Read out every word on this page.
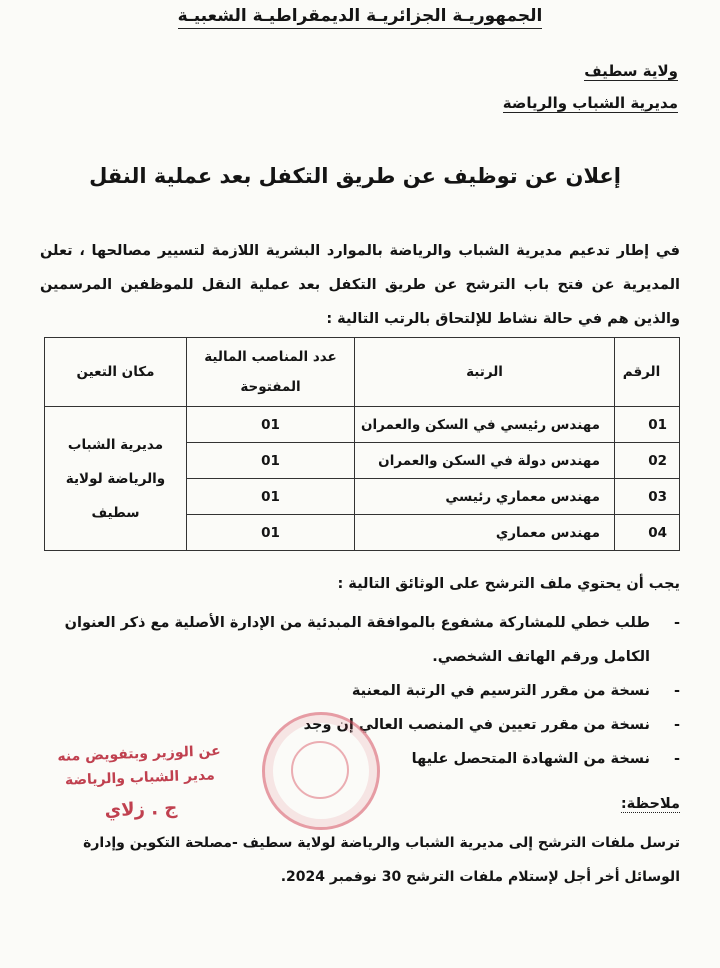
الجمهوريـة الجزائريـة الديمقراطيـة الشعبيـة
ولاية سطيف
مديرية الشباب والرياضة
إعلان عن توظيف عن طريق التكفل بعد عملية النقل
في إطار تدعيم مديرية الشباب والرياضة بالموارد البشرية اللازمة لتسيير مصالحها ، تعلن المديرية عن فتح باب الترشح عن طريق التكفل بعد عملية النقل للموظفين المرسمين والذين هم في حالة نشاط للإلتحاق بالرتب التالية :
الرقم	الرتبة	عدد المناصب المالية المفتوحة	مكان التعين
01	مهندس رئيسي في السكن والعمران	01	مديرية الشباب والرياضة لولاية سطيف
02	مهندس دولة في السكن والعمران	01	
03	مهندس معماري رئيسي	01	
04	مهندس معماري	01	
يجب أن يحتوي ملف الترشح على الوثائق التالية :
-
طلب خطي للمشاركة مشفوع بالموافقة المبدئية من الإدارة الأصلية مع ذكر العنوان الكامل ورقم الهاتف الشخصي.
-
نسخة من مقرر الترسيم في الرتبة المعنية
-
نسخة من مقرر تعيين في المنصب العالي إن وجد
-
نسخة من الشهادة المتحصل عليها
عن الوزير وبتفويض منه
مدير الشباب والرياضة
ج . زلاي	ملاحظة:
ترسل ملفات الترشح إلى مديرية الشباب والرياضة لولاية سطيف -مصلحة التكوين وإدارة الوسائل أخر أجل لإستلام ملفات الترشح 30 نوفمبر 2024.
